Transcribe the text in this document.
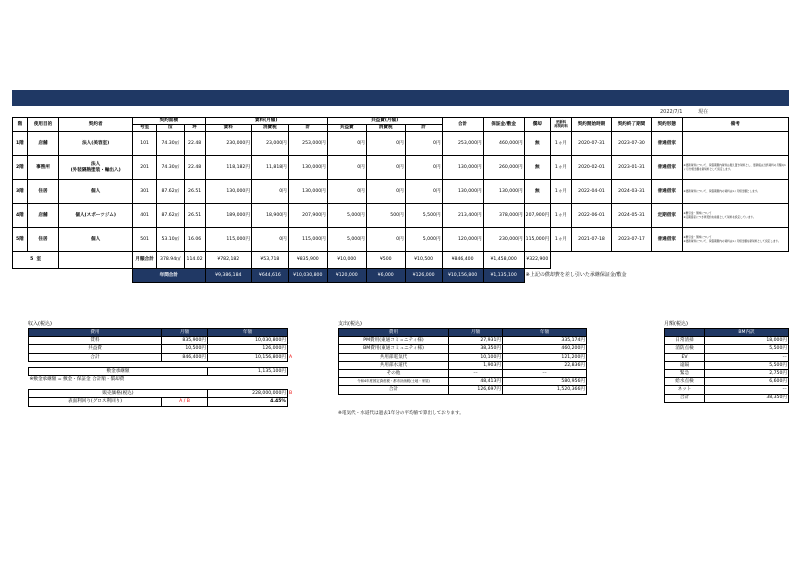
2022/7/1	現在
階	使用目的	契約者	契約面積			賃料(月額)			共益費(月額)			合計	保証金/敷金	償却	更新料
再契約料	契約開始時期	契約終了期間	契約形態	備考
			号室	㎡	坪	賃料	消費税	計	共益費	消費税	計								
1階	店舗	法人(美容室)	101	74.30㎡	22.48	230,000円	23,000円	253,000円	0円	0円	0円	253,000円	460,000円	無	1ヵ月	2020-07-31	2023-07-30	普通借家	
2階	事務所	法人
(外装隔熱塗装・輸出入)	201	74.30㎡	22.48	118,182円	11,818円	130,000円	0円	0円	0円	130,000円	260,000円	無	1ヵ月	2020-02-01	2023-01-31	普通借家	※更新賃料について、貸借期間内賃料は据え置き賃料とし、更新後は当該賃料の月額の1ヶ月分相当額を新賃料として設定します。
3階	住居	個人	301	87.62㎡	26.51	130,000円	0円	130,000円	0円	0円	0円	130,000円	130,000円	無	1ヵ月	2022-04-01	2024-03-31	普通借家	※更新賃料について、貸借期間内の賃料は1ヶ月相当額とします。
4階	店舗	個人(スポーツジム)	401	87.62㎡	26.51	189,000円	18,900円	207,900円	5,000円	500円	5,500円	213,400円	378,000円	207,900円	1ヵ月	2022-06-01	2024-05-31	定期借家	※敷引金・償却について
※定期借家につき再契約を前提として賃料を設定しています。
5階	住居	個人	501	53.10㎡	16.06	115,000円	0円	115,000円	5,000円	0円	5,000円	120,000円	230,000円	115,000円	1ヵ月	2021-07-18	2023-07-17	普通借家	※敷引金・償却について
※更新賃料について、貸借期間内の賃料は1ヶ月相当額を新賃料として設定します。
5 室			月額合計	378.94㎡	114.02	¥782,182	¥53,718	¥835,900	¥10,000	¥500	¥10,500	¥846,400	¥1,458,000	¥322,900					
			年間合計			¥9,386,184	¥644,616	¥10,030,800	¥120,000	¥6,000	¥126,000	¥10,156,800	¥1,135,100	※上記の償却費を差し引いた承継保証金/敷金					
収入(税込)
費用	月額	年額	
賃料	835,900円	10,030,800円	
共益費	10,500円	126,000円	
合計	846,400円	10,156,800円	A

敷金承継額		1,135,100円	
※敷金承継額 = 敷金・保証金 合計額 - 償却費			

販売価格(税込)		228,000,000円	B
表面利回り(グロス利回り)	A / B	4.45%	
支出(税込)
費用	月額	年額
PM費用(東通コミュニティ様)	27,931円	335,174円
BM費用(東通コミュニティ様)	38,350円	460,200円
共用部電気代	10,100円	121,200円
共用部水道代	1,903円	22,836円
その他	ー	ー
令和4年度固定資産税・都市計画税(土地・家屋)	48,413円	580,956円
合計	126,697円	1,520,366円
※電気代・水道代は過去1年分の平均値で算出しております。
月額(税込)
	BM内訳
日常清掃	18,000円
消防点検	5,500円
EV	ー
遠隔	5,500円
緊急	2,750円
給水点検	6,600円
ネット	ー
合計	38,350円
